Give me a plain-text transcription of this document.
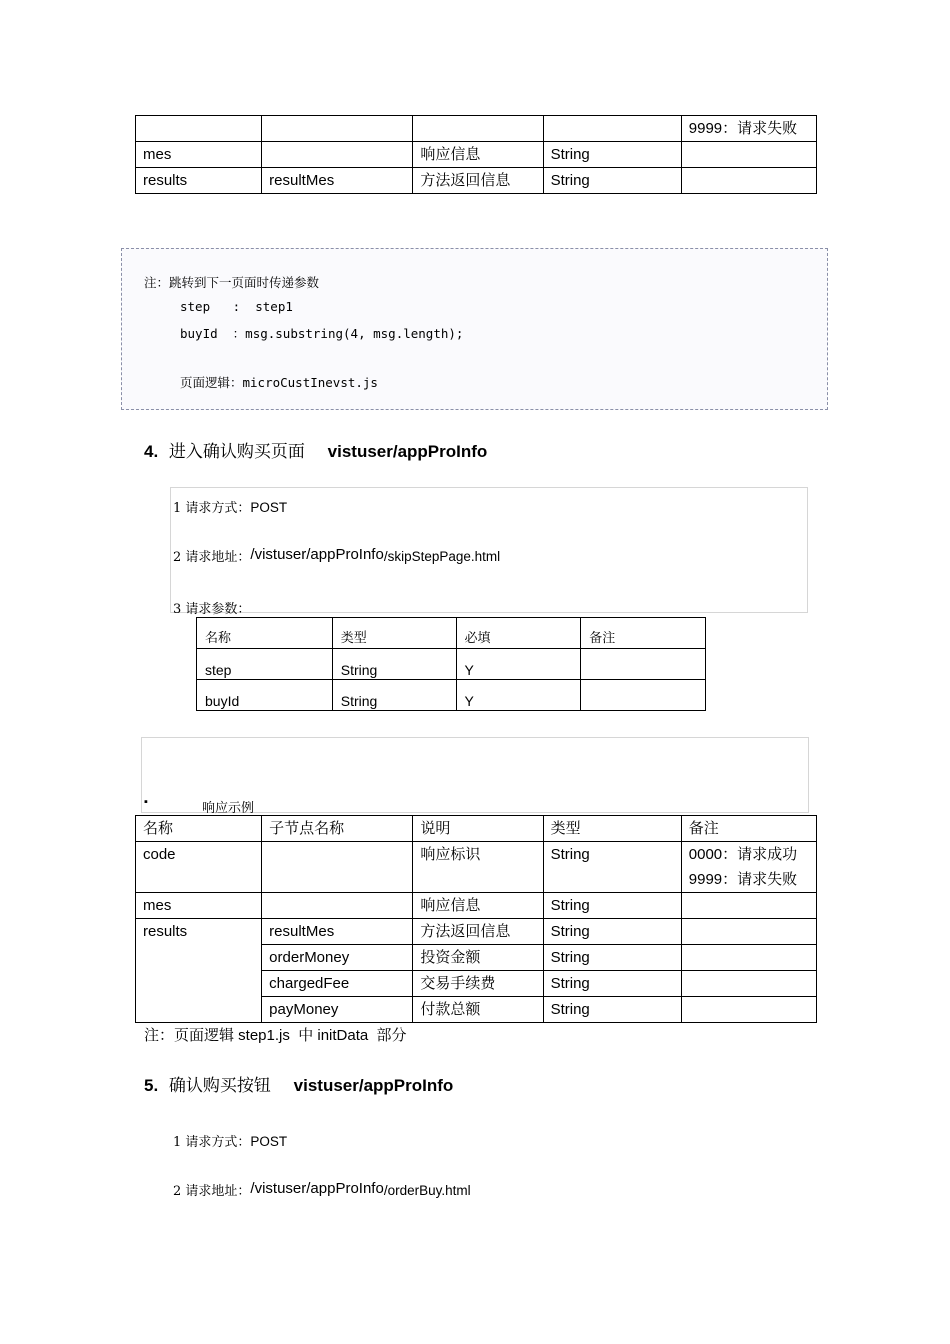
				9999：请求失败
mes		响应信息	String	
results	resultMes	方法返回信息	String	
注：跳转到下一页面时传递参数
step   :  step1
buyId  ：msg.substring(4, msg.length);
页面逻辑：microCustInevst.js
4. 进入确认购买页面 vistuser/appProInfo
1 请求方式：POST
2 请求地址：/vistuser/appProInfo/skipStepPage.html
3 请求参数：
名称	类型	必填	备注
step	String	Y	
buyId	String	Y	
▪	响应示例
名称	子节点名称	说明	类型	备注
code		响应标识	String	0000：请求成功
9999：请求失败

mes		响应信息	String	
results	resultMes	方法返回信息	String	
	orderMoney	投资金额	String	
	chargedFee	交易手续费	String	
	payMoney	付款总额	String	
注：页面逻辑 step1.js  中 initData  部分
5. 确认购买按钮 vistuser/appProInfo
1 请求方式：POST
2 请求地址：/vistuser/appProInfo/orderBuy.html
